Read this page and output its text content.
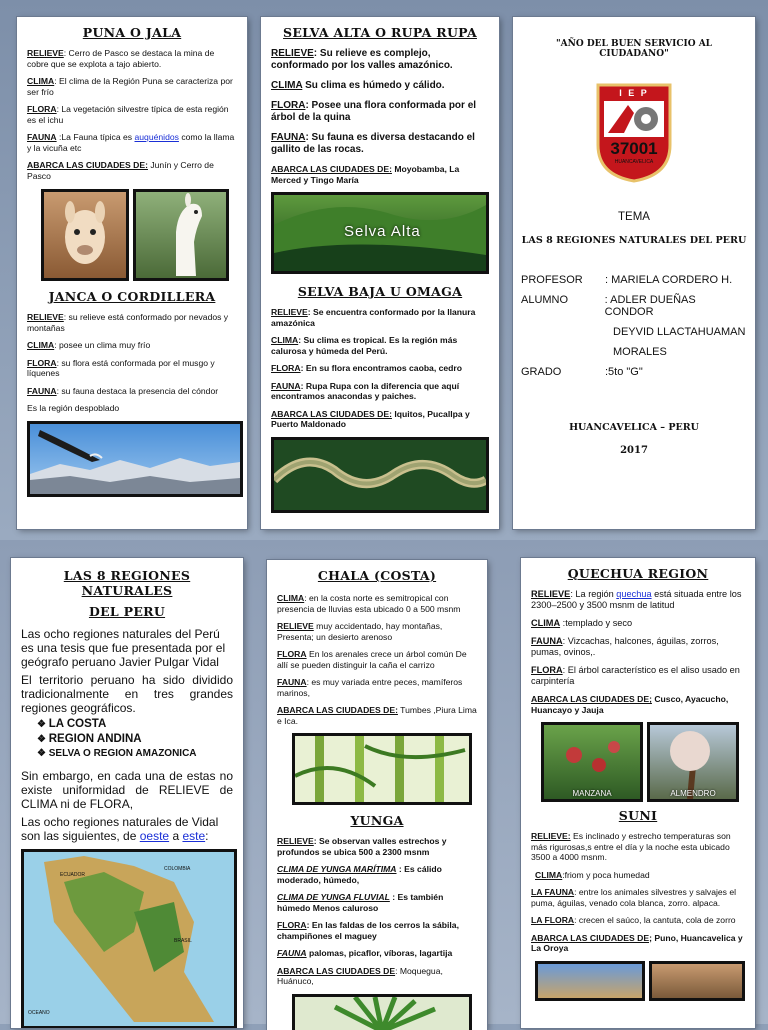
PUNA O JALA

RELIEVE: Cerro de Pasco se destaca la mina de cobre que se explota a tajo abierto.

CLIMA: El clima de la Región Puna se caracteriza por ser frío

FLORA: La vegetación silvestre típica de esta región es el ichu

FAUNA :La Fauna típica es auquénidos como la llama y la vicuña etc

ABARCA LAS CIUDADES DE: Junín y Cerro de Pasco

JANCA O CORDILLERA

RELIEVE: su relieve está conformado por nevados y montañas

CLIMA: posee un clima muy frío

FLORA: su flora está conformada por el musgo y líquenes

FAUNA: su fauna destaca la presencia del cóndor

Es la región despoblado

SELVA ALTA O RUPA RUPA

RELIEVE: Su relieve es complejo, conformado por los valles amazónico.

CLIMA Su clima es húmedo y cálido.

FLORA: Posee una flora conformada por el árbol de la quina

FAUNA: Su fauna es diversa destacando el gallito de las rocas.

ABARCA LAS CIUDADES DE: Moyobamba, La Merced y Tingo María

Selva Alta
SELVA BAJA U OMAGA

RELIEVE: Se encuentra conformado por la llanura amazónica

CLIMA: Su clima es tropical. Es la región más calurosa y húmeda del Perú.

FLORA: En su flora encontramos caoba, cedro

FAUNA: Rupa Rupa con la diferencia que aquí encontramos anacondas y paiches.

ABARCA LAS CIUDADES DE: Iquitos, Pucallpa y Puerto Maldonado

"AÑO DEL BUEN SERVICIO AL CIUDADANO"
I E P
37001
HUANCAVELICA
TEMA
LAS 8 REGIONES NATURALES DEL PERU
PROFESOR	: MARIELA CORDERO H.
ALUMNO	: ADLER DUEÑAS CONDOR
DEYVID LLACTAHUAMAN
MORALES
GRADO	:5to "G"
HUANCAVELICA – PERU
2017
LAS 8 REGIONES NATURALES
DEL PERU

Las ocho regiones naturales del Perú es una tesis que fue presentada por el geógrafo peruano Javier Pulgar Vidal

El territorio peruano ha sido dividido tradicionalmente en tres grandes regiones geográficos.

❖ LA COSTA
❖ REGION ANDINA
❖ SELVA O REGION AMAZONICA

Sin embargo, en cada una de estas no existe uniformidad de RELIEVE de CLIMA ni de FLORA,

Las ocho regiones naturales de Vidal son las siguientes, de oeste a este:

ECUADOR
COLOMBIA
BRASIL
OCEANO
CHALA (COSTA)

CLIMA: en la costa norte es semitropical con presencia de lluvias esta ubicado 0 a 500 msnm

RELIEVE muy accidentado, hay montañas, Presenta; un desierto arenoso

FLORA En los arenales crece un árbol común De allí se pueden distinguir la caña el carrizo

FAUNA: es muy variada entre peces, mamíferos marinos,

ABARCA LAS CIUDADES DE: Tumbes ,Piura Lima e Ica.

YUNGA

RELIEVE: Se observan valles estrechos y profundos se ubica 500 a 2300 msnm

CLIMA DE YUNGA MARÍTIMA : Es cálido moderado, húmedo,

CLIMA DE YUNGA FLUVIAL : Es también húmedo Menos caluroso

FLORA: En las faldas de los cerros la sábila, champiñones el maguey

FAUNA palomas, picaflor, víboras, lagartija

ABARCA LAS CIUDADES DE: Moquegua, Huánuco,

QUECHUA REGION

RELIEVE: La región quechua está situada entre los 2300–2500 y 3500 msnm de latitud

CLIMA :templado y seco

FAUNA: Vizcachas, halcones, águilas, zorros, pumas, ovinos,.

FLORA: El árbol característico es el aliso usado en carpintería

ABARCA LAS CIUDADES DE; Cusco, Ayacucho, Huancayo y Jauja

MANZANA	ALMENDRO
SUNI

RELIEVE: Es inclinado y estrecho temperaturas son más rigurosas,s entre el día y la noche esta ubicado 3500 a 4000 msnm.

CLIMA:friom y poca humedad

LA FAUNA: entre los animales silvestres y salvajes el puma, águilas, venado cola blanca, zorro. alpaca.

LA FLORA: crecen el saúco, la cantuta, cola de zorro

ABARCA LAS CIUDADES DE; Puno, Huancavelica y La Oroya
